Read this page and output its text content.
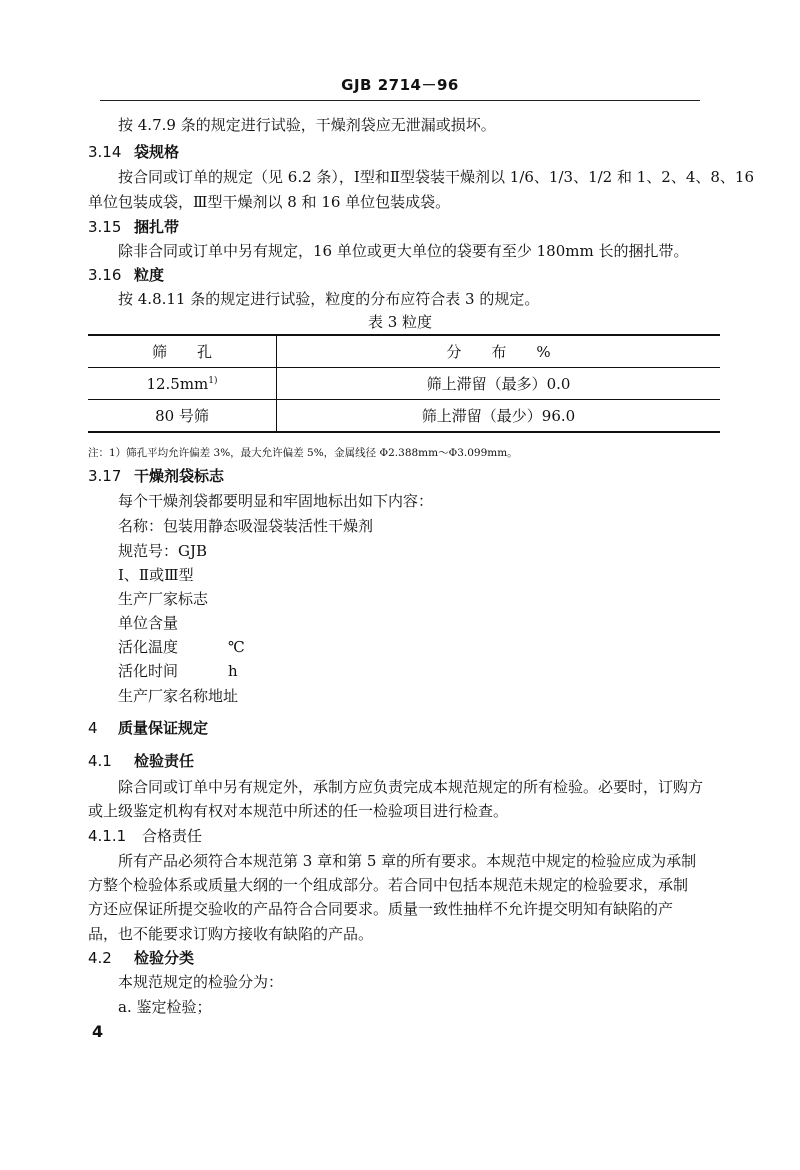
GJB 2714－96
按 4.7.9 条的规定进行试验，干燥剂袋应无泄漏或损坏。
3.14 袋规格
按合同或订单的规定（见 6.2 条），Ⅰ型和Ⅱ型袋装干燥剂以 1/6、1/3、1/2 和 1、2、4、8、16
单位包装成袋，Ⅲ型干燥剂以 8 和 16 单位包装成袋。
3.15 捆扎带
除非合同或订单中另有规定，16 单位或更大单位的袋要有至少 180mm 长的捆扎带。
3.16 粒度
按 4.8.11 条的规定进行试验，粒度的分布应符合表 3 的规定。
表 3 粒度
筛　　孔	分　　布　　%
$12.5mm^{1)}$	筛上滞留（最多）0.0
80 号筛	筛上滞留（最少）96.0
注：1）筛孔平均允许偏差 3%，最大允许偏差 5%，金属线径 Φ2.388mm～Φ3.099mm。
3.17 干燥剂袋标志
每个干燥剂袋都要明显和牢固地标出如下内容：
名称：包装用静态吸湿袋装活性干燥剂
规范号：GJB
Ⅰ、Ⅱ或Ⅲ型
生产厂家标志
单位含量
活化温度	℃
活化时间	h
生产厂家名称地址
4 质量保证规定
4.1 检验责任
除合同或订单中另有规定外，承制方应负责完成本规范规定的所有检验。必要时，订购方
或上级鉴定机构有权对本规范中所述的任一检验项目进行检查。
4.1.1 合格责任
所有产品必须符合本规范第 3 章和第 5 章的所有要求。本规范中规定的检验应成为承制
方整个检验体系或质量大纲的一个组成部分。若合同中包括本规范未规定的检验要求，承制
方还应保证所提交验收的产品符合合同要求。质量一致性抽样不允许提交明知有缺陷的产
品，也不能要求订购方接收有缺陷的产品。
4.2 检验分类
本规范规定的检验分为：
a. 鉴定检验；
4
